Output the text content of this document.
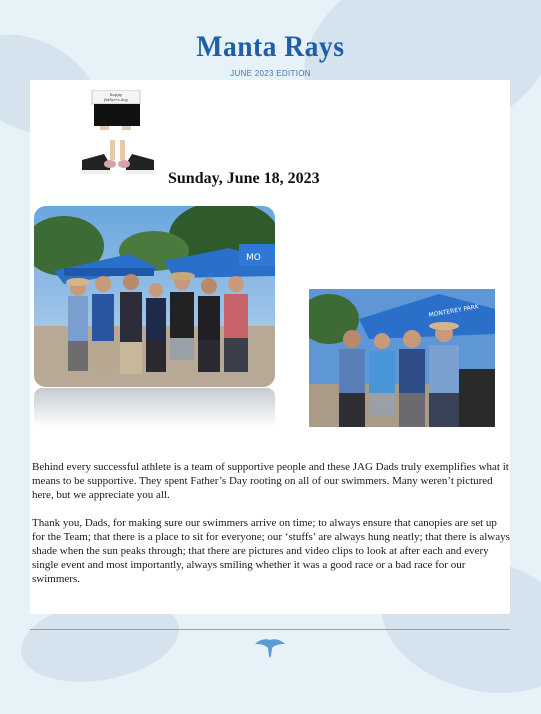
Manta Rays
JUNE 2023 EDITION
happy
father's day
Sunday, June 18, 2023
MO
MONTEREY PARK

Behind every successful athlete is a team of supportive people and these JAG Dads truly exemplifies what it means to be supportive. They spent Father’s Day rooting on all of our swimmers. Many weren’t pictured here, but we appreciate you all.

Thank you, Dads, for making sure our swimmers arrive on time; to always ensure that canopies are set up for the Team; that there is a place to sit for everyone; our ‘stuffs’ are always hung neatly; that there is always shade when the sun peaks through; that there are pictures and video clips to look at after each and every single event and most importantly, always smiling whether it was a good race or a bad race for our swimmers.
